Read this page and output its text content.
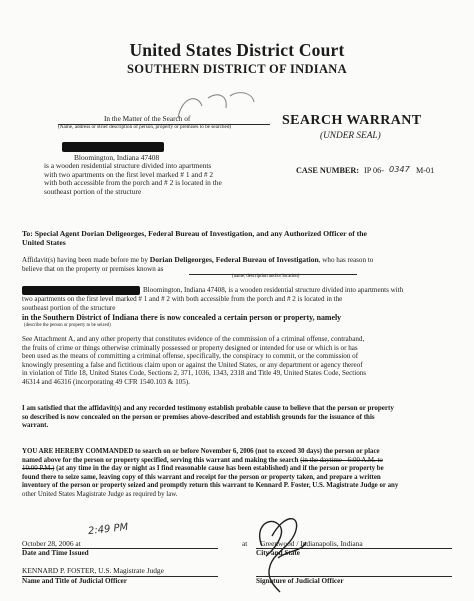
United States District Court
SOUTHERN DISTRICT OF INDIANA
In the Matter of the Search of
(Name, address or Brief description of person, property or premises to be searched)
Bloomington, Indiana 47408
is a wooden residential structure divided into apartments
with two apartments on the first level marked # 1 and # 2
with both accessible from the porch and # 2 is located in the
southeast portion of the structure
SEARCH WARRANT
(UNDER SEAL)
CASE NUMBER: IP 06- 0347 M-01
To: Special Agent Dorian Deligeorges, Federal Bureau of Investigation, and any Authorized Officer of the
United States
Affidavit(s) having been made before me by Dorian Deligeorges, Federal Bureau of Investigation, who has reason to
believe that on the property or premises known as
(name, description and/or location)
Bloomington, Indiana 47408, is a wooden residential structure divided into apartments with
two apartments on the first level marked # 1 and # 2 with both accessible from the porch and # 2 is located in the
southeast portion of the structure
in the Southern District of Indiana there is now concealed a certain person or property, namely
(describe the person or property to be seized)
See Attachment A, and any other property that constitutes evidence of the commission of a criminal offense, contraband,
the fruits of crime or things otherwise criminally possessed or property designed or intended for use or which is or has
been used as the means of committing a criminal offense, specifically, the conspiracy to commit, or the commission of
knowingly presenting a false and fictitious claim upon or against the United States, or any department or agency thereof
in violation of Title 18, United States Code, Sections 2, 371, 1036, 1343, 2318 and Title 49, United States Code, Sections
46314 and 46316 (incorporating 49 CFR 1540.103 & 105).
I am satisfied that the affidavit(s) and any recorded testimony establish probable cause to believe that the person or property
so described is now concealed on the person or premises above-described and establish grounds for the issuance of this
warrant.
YOU ARE HEREBY COMMANDED to search on or before November 6, 2006 (not to exceed 30 days) the person or place
named above for the person or property specified, serving this warrant and making the search (in the daytime - 6:00 A.M. to
10:00 P.M.) (at any time in the day or night as I find reasonable cause has been established) and if the person or property be
found there to seize same, leaving copy of this warrant and receipt for the person or property taken, and prepare a written
inventory of the person or property seized and promptly return this warrant to Kennard P. Foster, U.S. Magistrate Judge or any
other United States Magistrate Judge as required by law.
2:49 PM
October 28, 2006 at
Date and Time Issued
at Greenwood / Indianapolis, Indiana
City and State
KENNARD P. FOSTER, U.S. Magistrate Judge
Name and Title of Judicial Officer	Signature of Judicial Officer
